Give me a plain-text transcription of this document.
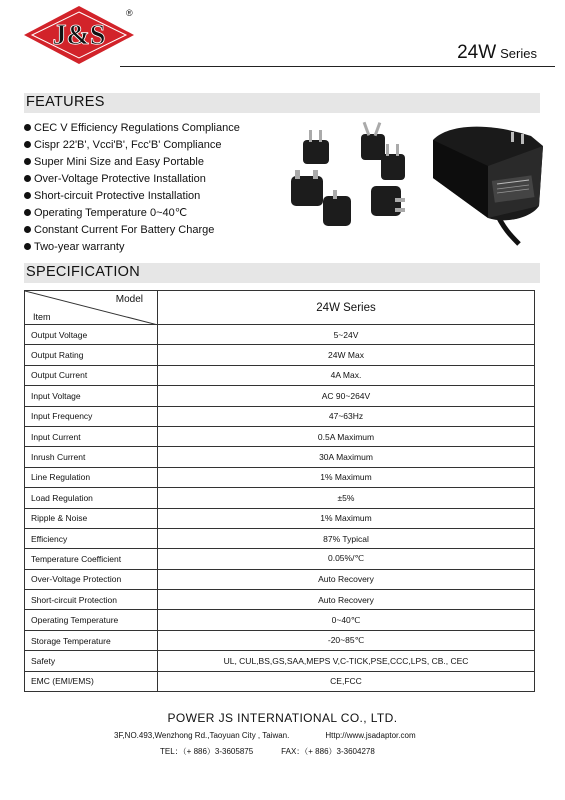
J&S
®
24W Series
FEATURES
CEC V Efficiency Regulations Compliance
Cispr 22'B', Vcci'B', Fcc'B' Compliance
Super Mini Size and Easy Portable
Over-Voltage Protective Installation
Short-circuit Protective Installation
Operating Temperature 0~40℃
Constant Current For Battery Charge
Two-year warranty
SPECIFICATION
Model
Item	24W Series
Output Voltage	5~24V
Output Rating	24W Max
Output Current	4A Max.
Input Voltage	AC 90~264V
Input Frequency	47~63Hz
Input Current	0.5A Maximum
Inrush Current	30A Maximum
Line Regulation	1% Maximum
Load Regulation	±5%
Ripple & Noise	1% Maximum
Efficiency	87% Typical
Temperature Coefficient	0.05%/℃
Over-Voltage Protection	Auto Recovery
Short-circuit Protection	Auto Recovery
Operating Temperature	0~40℃
Storage Temperature	-20~85℃
Safety	UL, CUL,BS,GS,SAA,MEPS V,C-TICK,PSE,CCC,LPS, CB., CEC
EMC (EMI/EMS)	CE,FCC
POWER JS INTERNATIONAL CO., LTD.
3F,NO.493,Wenzhong Rd.,Taoyuan City , Taiwan.	Http://www.jsadaptor.com
TEL：（+ 886）3-3605875	FAX：（+ 886）3-3604278
